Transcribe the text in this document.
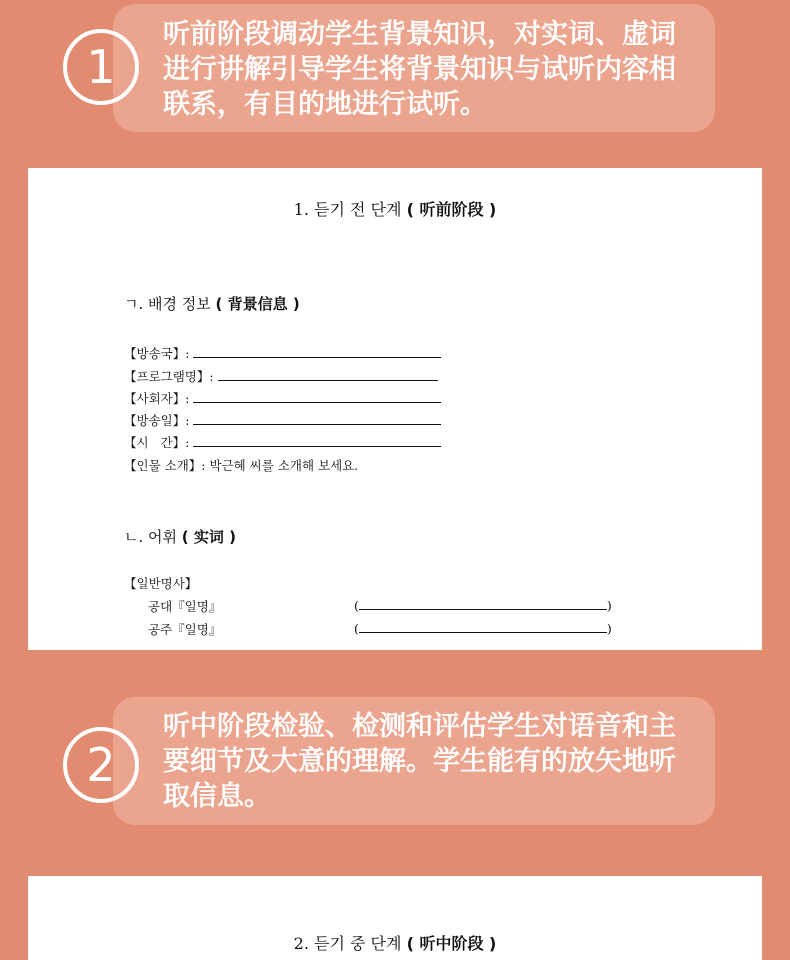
1
听前阶段调动学生背景知识，对实词、虚词进行讲解引导学生将背景知识与试听内容相联系，有目的地进行试听。
1. 듣기 전 단계 ( 听前阶段 )
ㄱ. 배경 정보 ( 背景信息 )
【방송국】:
【프로그램명】:
【사회자】:
【방송일】:
【시   간】:
【인물 소개】: 박근혜 씨를 소개해 보세요.
ㄴ. 어휘 ( 实词 )
【일반명사】
공대『일명』	(	)
공주『일명』	(	)
2
听中阶段检验、检测和评估学生对语音和主要细节及大意的理解。学生能有的放矢地听取信息。
2. 듣기 중 단계 ( 听中阶段 )
